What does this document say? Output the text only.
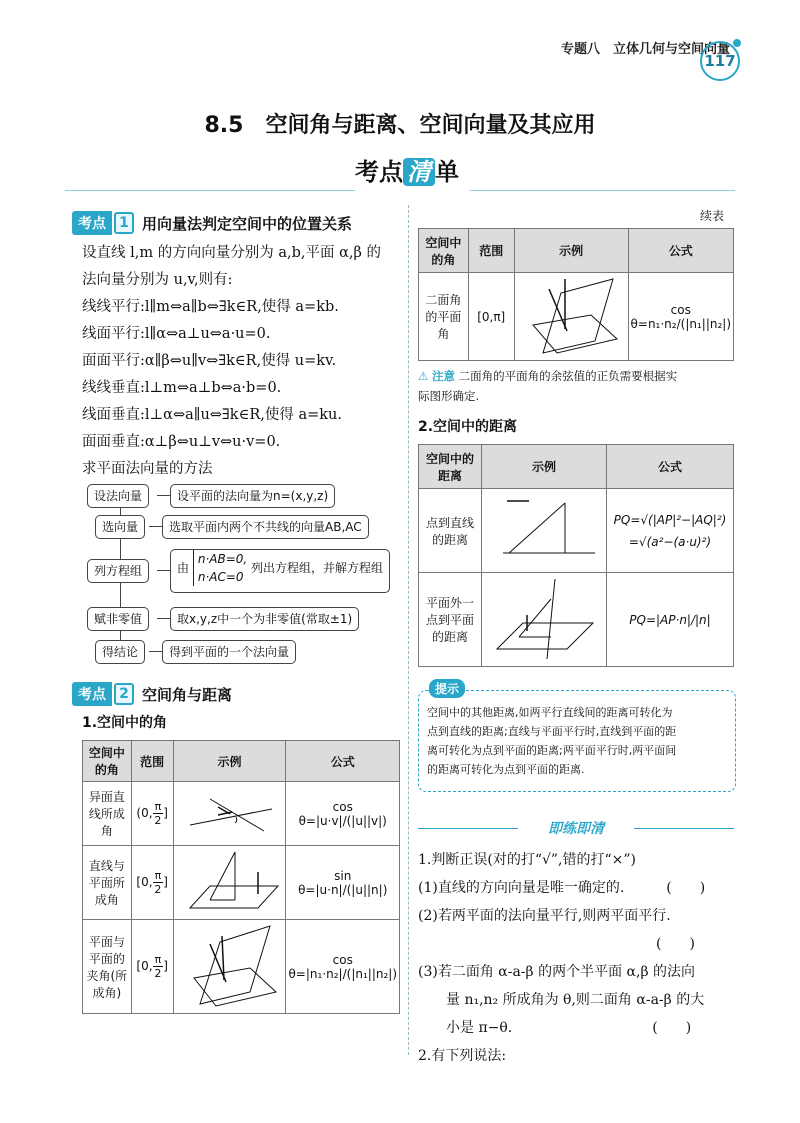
专题八　立体几何与空间向量
117
8.5　空间角与距离、空间向量及其应用
考点 清 单
考点 1 用向量法判定空间中的位置关系
设直线 l,m 的方向向量分别为 a,b,平面 α,β 的
法向量分别为 u,v,则有:
线线平行:l∥m⇔a∥b⇔∃k∈R,使得 a=kb.
线面平行:l∥α⇔a⊥u⇔a·u=0.
面面平行:α∥β⇔u∥v⇔∃k∈R,使得 u=kv.
线线垂直:l⊥m⇔a⊥b⇔a·b=0.
线面垂直:l⊥α⇔a∥u⇔∃k∈R,使得 a=ku.
面面垂直:α⊥β⇔u⊥v⇔u·v=0.
求平面法向量的方法
设法向量	设平面的法向量为n=(x,y,z)
选向量	选取平面内两个不共线的向量AB,AC
列方程组	由
n·AB=0,
n·AC=0
列出方程组，并解方程组
赋非零值	取x,y,z中一个为非零值(常取±1)
得结论	得到平面的一个法向量
考点 2 空间角与距离
1.空间中的角
空间中的角	范围	示例	公式
异面直线所成角	(0, $\frac{\pi}{2}$ ]		cos θ=|u·v|/(|u||v|)
直线与平面所成角	[0, $\frac{\pi}{2}$ ]		sin θ=|u·n|/(|u||n|)
平面与平面的夹角(所成角)	[0, $\frac{\pi}{2}$ ]		cos θ=|n₁·n₂|/(|n₁||n₂|)
续表
空间中的角	范围	示例	公式
二面角的平面角	[0,π]		cos θ=n₁·n₂/(|n₁||n₂|)
⚠ 注意 二面角的平面角的余弦值的正负需要根据实
际图形确定.
2.空间中的距离
空间中的距离	示例	公式
点到直线的距离		PQ=√(|AP|²−|AQ|²)
=√(a²−(a·u)²)

平面外一点到平面的距离		PQ=|AP·n|/|n|
提示
空间中的其他距离,如两平行直线间的距离可转化为
点到直线的距离;直线与平面平行时,直线到平面的距
离可转化为点到平面的距离;两平面平行时,两平面间
的距离可转化为点到平面的距离.
即练即清
1.判断正误(对的打“√”,错的打“×”)
(1)直线的方向向量是唯一确定的.　　　(　　)
(2)若两平面的法向量平行,则两平面平行.
　　　　　　　　　　　　　　　　　(　　)
(3)若二面角 α-a-β 的两个半平面 α,β 的法向
　　量 n₁,n₂ 所成角为 θ,则二面角 α-a-β 的大
　　小是 π−θ.　　　　　　　　　　(　　)
2.有下列说法:
